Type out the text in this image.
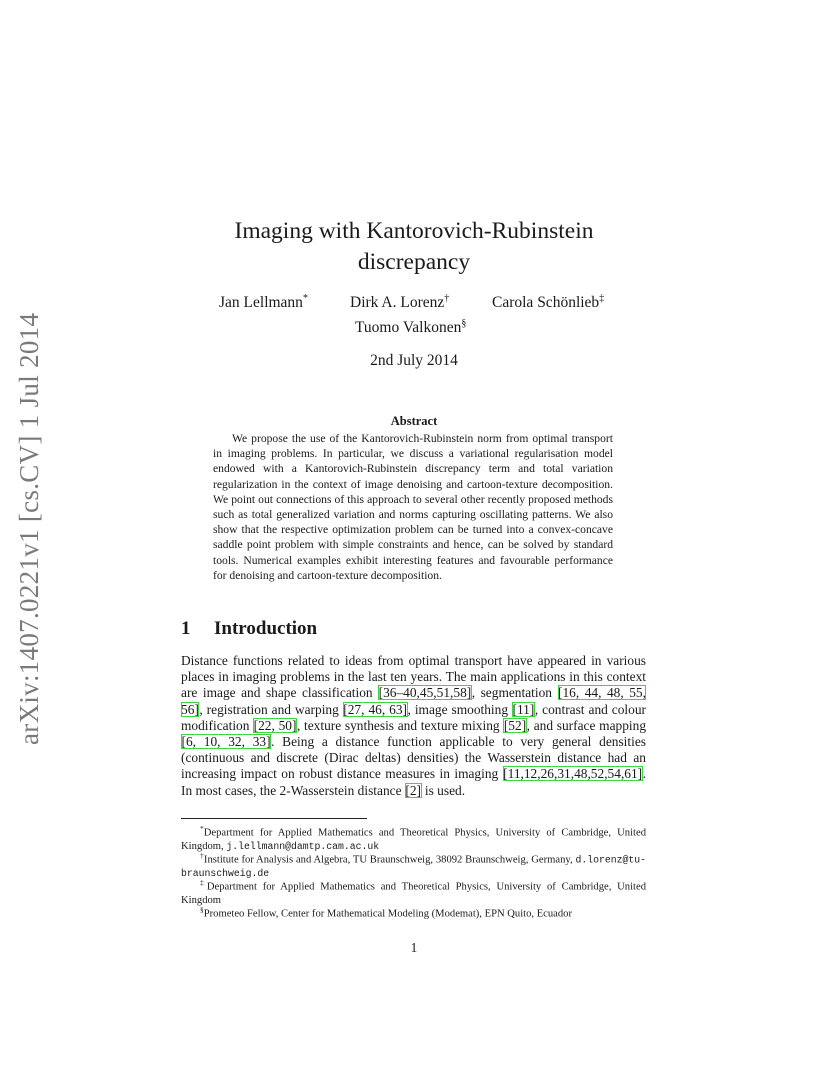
arXiv:1407.0221v1 [cs.CV] 1 Jul 2014
Imaging with Kantorovich-Rubinstein
discrepancy
Jan Lellmann*	Dirk A. Lorenz†	Carola Schönlieb‡
Tuomo Valkonen§
2nd July 2014
Abstract
We propose the use of the Kantorovich-Rubinstein norm from optimal transport in imaging problems. In particular, we discuss a variational regularisation model endowed with a Kantorovich-Rubinstein discrepancy term and total variation regularization in the context of image denoising and cartoon-texture decomposition. We point out connections of this approach to several other recently proposed methods such as total generalized variation and norms capturing oscillating patterns. We also show that the respective optimization problem can be turned into a convex-concave saddle point problem with simple constraints and hence, can be solved by standard tools. Numerical examples exhibit interesting features and favourable performance for denoising and cartoon-texture decomposition.
1 Introduction
Distance functions related to ideas from optimal transport have appeared in various places in imaging problems in the last ten years. The main applications in this context are image and shape classification [36–40,45,51,58], segmentation [16, 44, 48, 55, 56], registration and warping [27, 46, 63], image smoothing [11], contrast and colour modification [22, 50], texture synthesis and texture mixing [52], and surface mapping [6, 10, 32, 33]. Being a distance function applicable to very general densities (continuous and discrete (Dirac deltas) densities) the Wasserstein distance had an increasing impact on robust distance measures in imaging [11,12,26,31,48,52,54,61]. In most cases, the 2-Wasserstein distance [2] is used.
*Department for Applied Mathematics and Theoretical Physics, University of Cambridge, United Kingdom, j.lellmann@damtp.cam.ac.uk
†Institute for Analysis and Algebra, TU Braunschweig, 38092 Braunschweig, Germany, d.lorenz@tu-braunschweig.de
‡Department for Applied Mathematics and Theoretical Physics, University of Cambridge, United Kingdom
§Prometeo Fellow, Center for Mathematical Modeling (Modemat), EPN Quito, Ecuador
1
